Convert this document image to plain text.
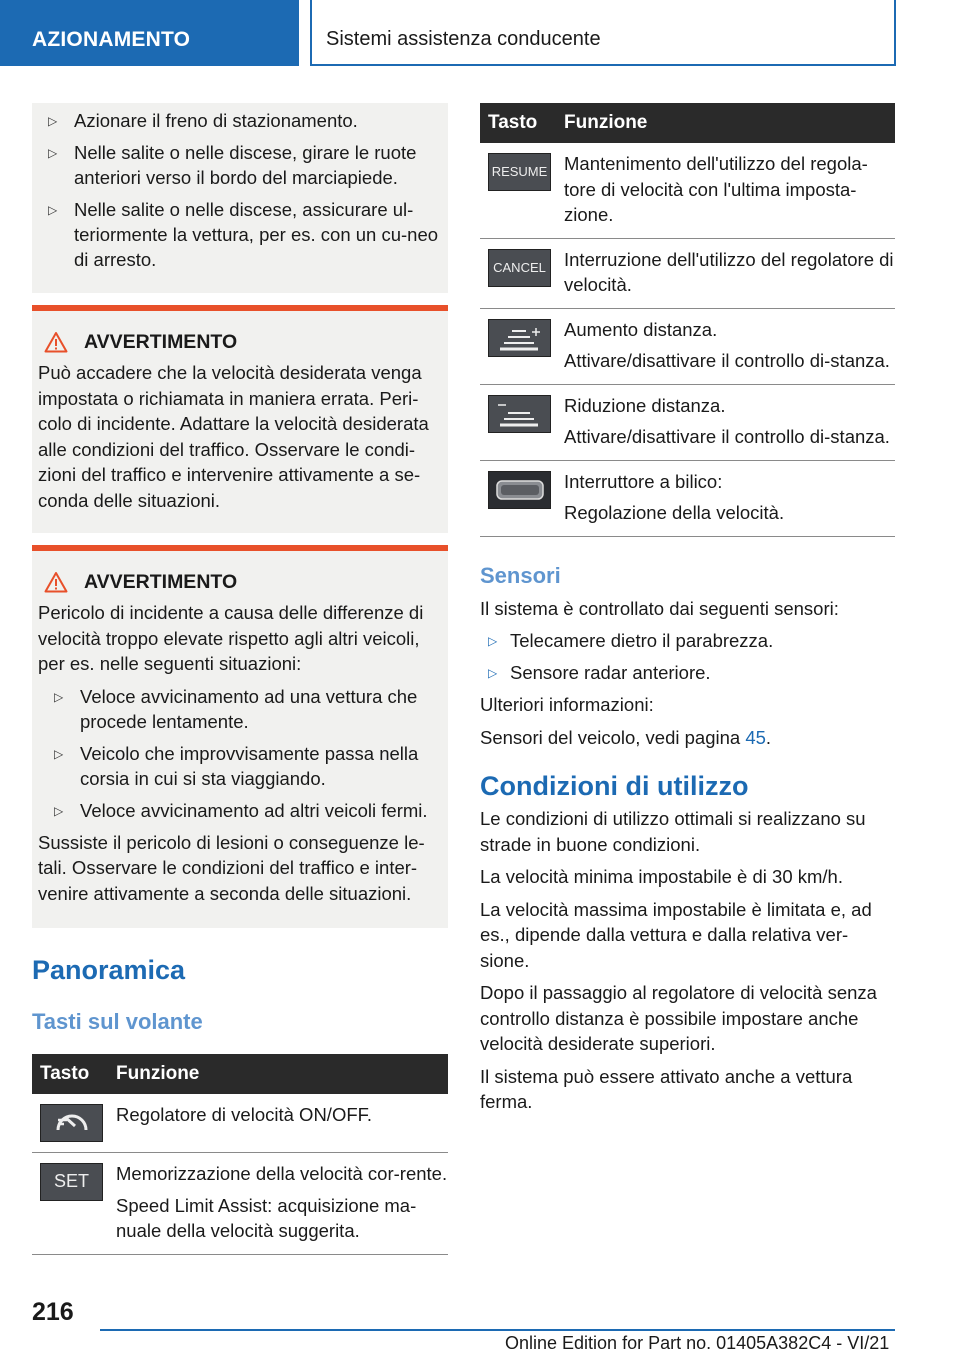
AZIONAMENTO	Sistemi assistenza conducente
▷ Azionare il freno di stazionamento.
▷ Nelle salite o nelle discese, girare le ruote anteriori verso il bordo del marciapiede.
▷ Nelle salite o nelle discese, assicurare ul-teriormente la vettura, per es. con un cu-neo di arresto.
AVVERTIMENTO

Può accadere che la velocità desiderata venga impostata o richiamata in maniera errata. Peri-colo di incidente. Adattare la velocità desiderata alle condizioni del traffico. Osservare le condi-zioni del traffico e intervenire attivamente a se-conda delle situazioni.

AVVERTIMENTO

Pericolo di incidente a causa delle differenze di velocità troppo elevate rispetto agli altri veicoli, per es. nelle seguenti situazioni:

▷ Veloce avvicinamento ad una vettura che procede lentamente.
▷ Veicolo che improvvisamente passa nella corsia in cui si sta viaggiando.
▷ Veloce avvicinamento ad altri veicoli fermi.

Sussiste il pericolo di lesioni o conseguenze le-tali. Osservare le condizioni del traffico e inter-venire attivamente a seconda delle situazioni.

Panoramica
Tasti sul volante
Tasto	Funzione

Regolatore di velocità ON/OFF.

SET	Memorizzazione della velocità cor-rente.

Speed Limit Assist: acquisizione ma-nuale della velocità suggerita.

Tasto	Funzione

RESUME	Mantenimento dell'utilizzo del regola-tore di velocità con l'ultima imposta-zione.

CANCEL	Interruzione dell'utilizzo del regolatore di velocità.

Aumento distanza.

Attivare/disattivare il controllo di-stanza.

Riduzione distanza.

Attivare/disattivare il controllo di-stanza.

Interruttore a bilico:

Regolazione della velocità.

Sensori

Il sistema è controllato dai seguenti sensori:

▷ Telecamere dietro il parabrezza.
▷ Sensore radar anteriore.

Ulteriori informazioni:

Sensori del veicolo, vedi pagina 45.

Condizioni di utilizzo

Le condizioni di utilizzo ottimali si realizzano su strade in buone condizioni.

La velocità minima impostabile è di 30 km/h.

La velocità massima impostabile è limitata e, ad es., dipende dalla vettura e dalla relativa ver-sione.

Dopo il passaggio al regolatore di velocità senza controllo distanza è possibile impostare anche velocità desiderate superiori.

Il sistema può essere attivato anche a vettura ferma.

216
Online Edition for Part no. 01405A382C4 - VI/21
